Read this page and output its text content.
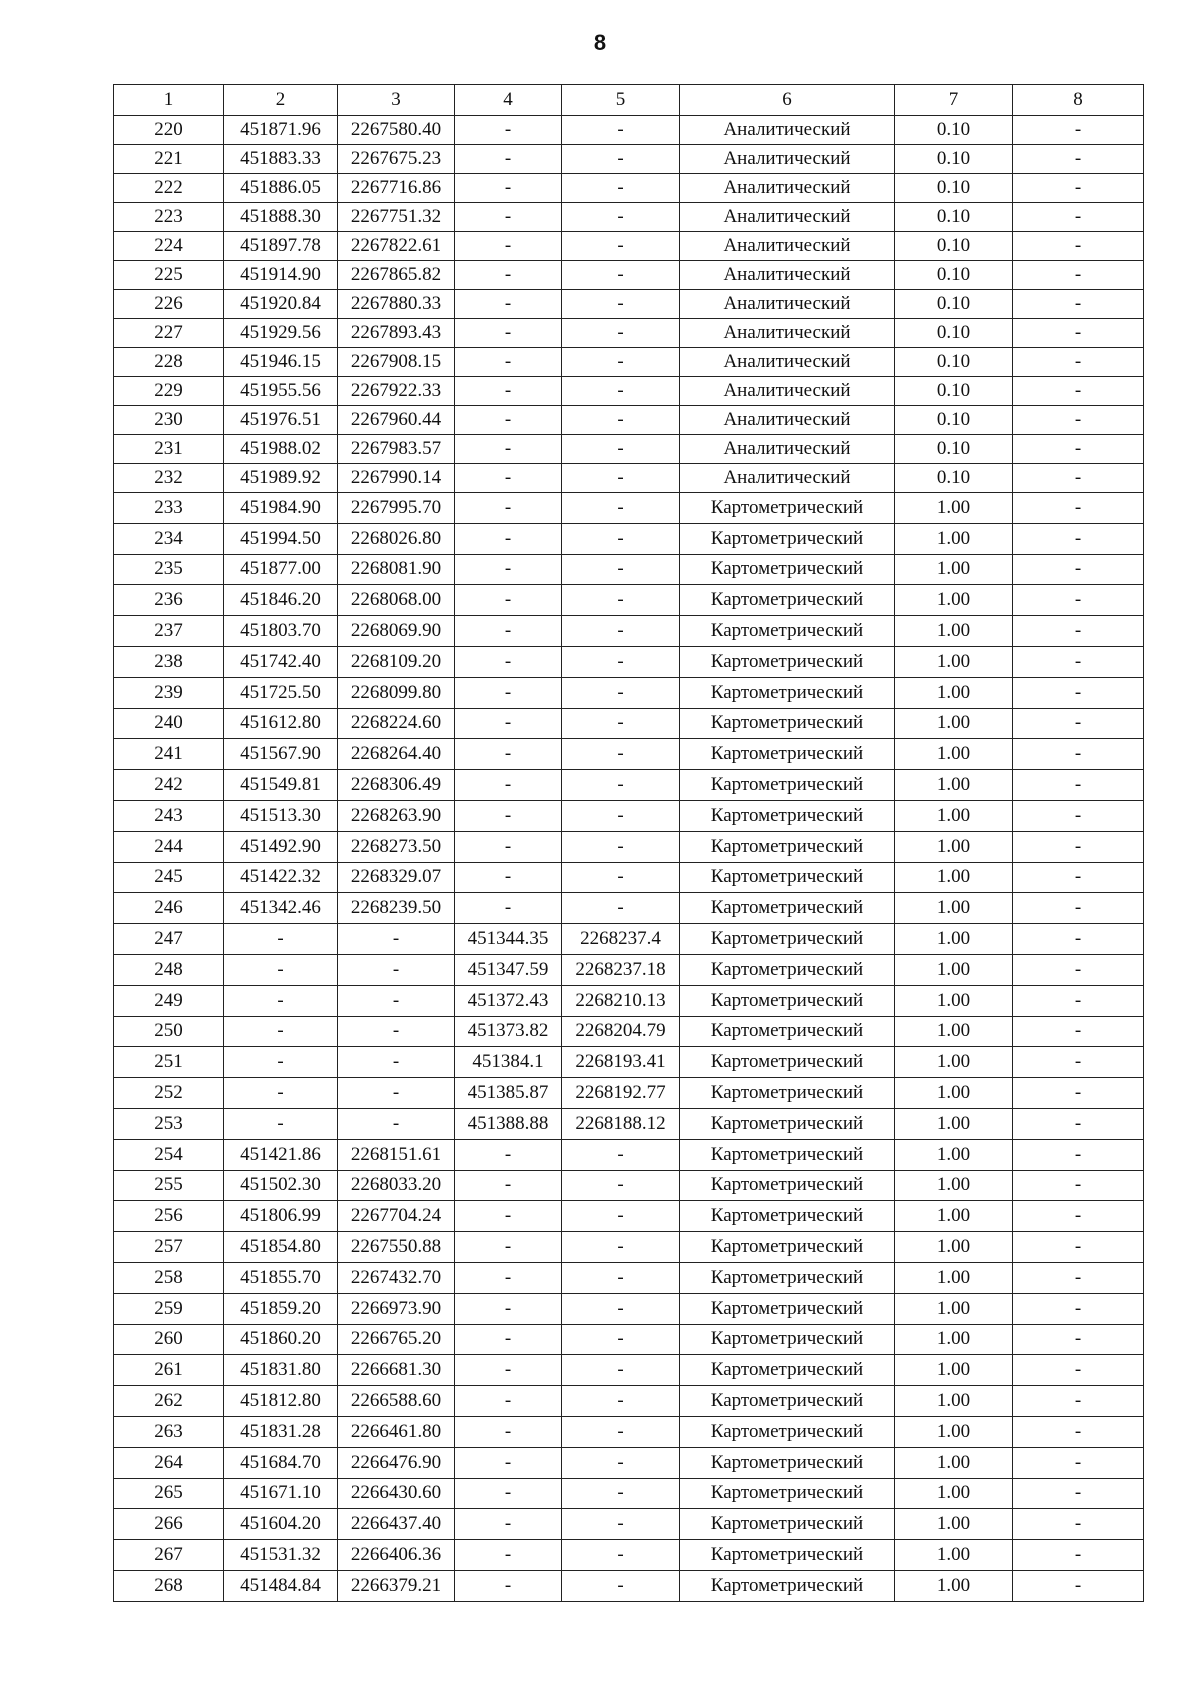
8
1	2	3	4	5	6	7	8
220	451871.96	2267580.40	-	-	Аналитический	0.10	-
221	451883.33	2267675.23	-	-	Аналитический	0.10	-
222	451886.05	2267716.86	-	-	Аналитический	0.10	-
223	451888.30	2267751.32	-	-	Аналитический	0.10	-
224	451897.78	2267822.61	-	-	Аналитический	0.10	-
225	451914.90	2267865.82	-	-	Аналитический	0.10	-
226	451920.84	2267880.33	-	-	Аналитический	0.10	-
227	451929.56	2267893.43	-	-	Аналитический	0.10	-
228	451946.15	2267908.15	-	-	Аналитический	0.10	-
229	451955.56	2267922.33	-	-	Аналитический	0.10	-
230	451976.51	2267960.44	-	-	Аналитический	0.10	-
231	451988.02	2267983.57	-	-	Аналитический	0.10	-
232	451989.92	2267990.14	-	-	Аналитический	0.10	-
233	451984.90	2267995.70	-	-	Картометрический	1.00	-
234	451994.50	2268026.80	-	-	Картометрический	1.00	-
235	451877.00	2268081.90	-	-	Картометрический	1.00	-
236	451846.20	2268068.00	-	-	Картометрический	1.00	-
237	451803.70	2268069.90	-	-	Картометрический	1.00	-
238	451742.40	2268109.20	-	-	Картометрический	1.00	-
239	451725.50	2268099.80	-	-	Картометрический	1.00	-
240	451612.80	2268224.60	-	-	Картометрический	1.00	-
241	451567.90	2268264.40	-	-	Картометрический	1.00	-
242	451549.81	2268306.49	-	-	Картометрический	1.00	-
243	451513.30	2268263.90	-	-	Картометрический	1.00	-
244	451492.90	2268273.50	-	-	Картометрический	1.00	-
245	451422.32	2268329.07	-	-	Картометрический	1.00	-
246	451342.46	2268239.50	-	-	Картометрический	1.00	-
247	-	-	451344.35	2268237.4	Картометрический	1.00	-
248	-	-	451347.59	2268237.18	Картометрический	1.00	-
249	-	-	451372.43	2268210.13	Картометрический	1.00	-
250	-	-	451373.82	2268204.79	Картометрический	1.00	-
251	-	-	451384.1	2268193.41	Картометрический	1.00	-
252	-	-	451385.87	2268192.77	Картометрический	1.00	-
253	-	-	451388.88	2268188.12	Картометрический	1.00	-
254	451421.86	2268151.61	-	-	Картометрический	1.00	-
255	451502.30	2268033.20	-	-	Картометрический	1.00	-
256	451806.99	2267704.24	-	-	Картометрический	1.00	-
257	451854.80	2267550.88	-	-	Картометрический	1.00	-
258	451855.70	2267432.70	-	-	Картометрический	1.00	-
259	451859.20	2266973.90	-	-	Картометрический	1.00	-
260	451860.20	2266765.20	-	-	Картометрический	1.00	-
261	451831.80	2266681.30	-	-	Картометрический	1.00	-
262	451812.80	2266588.60	-	-	Картометрический	1.00	-
263	451831.28	2266461.80	-	-	Картометрический	1.00	-
264	451684.70	2266476.90	-	-	Картометрический	1.00	-
265	451671.10	2266430.60	-	-	Картометрический	1.00	-
266	451604.20	2266437.40	-	-	Картометрический	1.00	-
267	451531.32	2266406.36	-	-	Картометрический	1.00	-
268	451484.84	2266379.21	-	-	Картометрический	1.00	-
